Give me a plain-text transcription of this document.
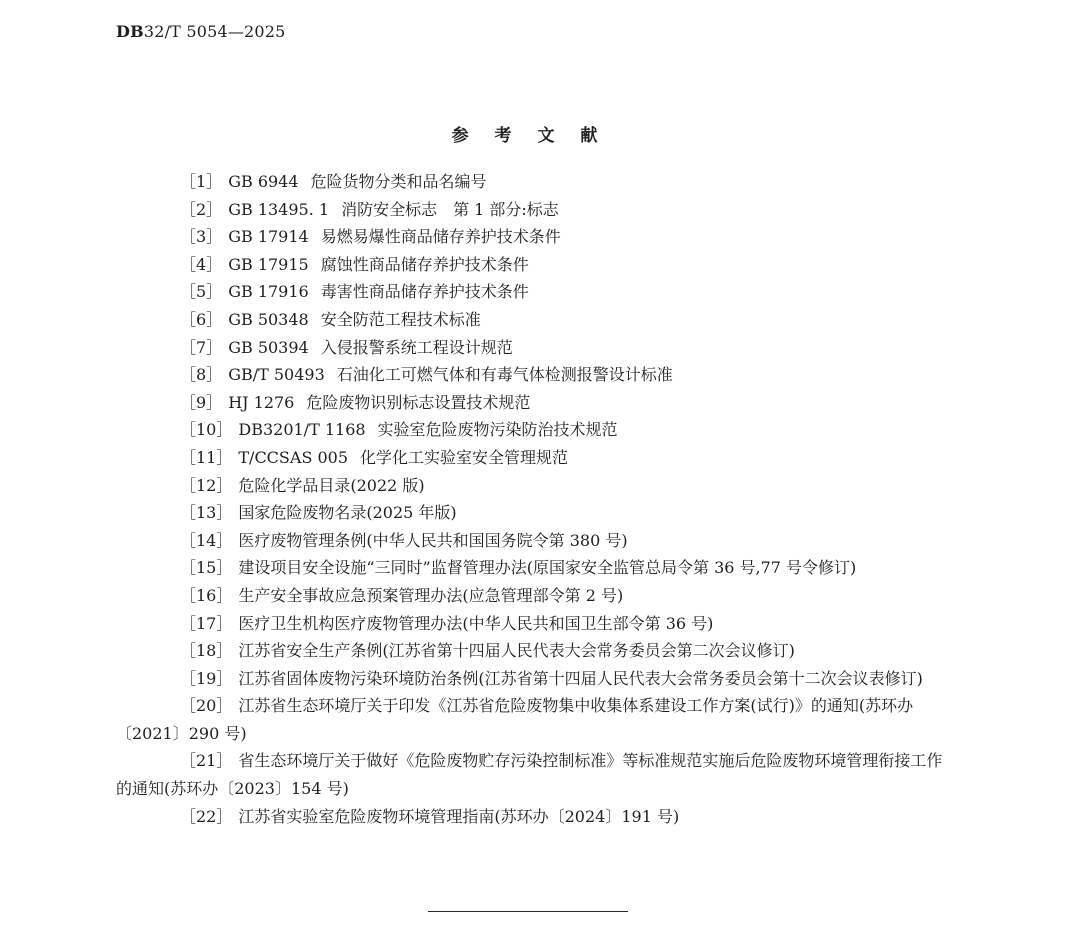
DB32/T 5054—2025
参 考 文 献

［1］ GB 6944 危险货物分类和品名编号

［2］ GB 13495. 1 消防安全标志　第 1 部分:标志

［3］ GB 17914 易燃易爆性商品储存养护技术条件

［4］ GB 17915 腐蚀性商品储存养护技术条件

［5］ GB 17916 毒害性商品储存养护技术条件

［6］ GB 50348 安全防范工程技术标准

［7］ GB 50394 入侵报警系统工程设计规范

［8］ GB/T 50493 石油化工可燃气体和有毒气体检测报警设计标准

［9］ HJ 1276 危险废物识别标志设置技术规范

［10］ DB3201/T 1168 实验室危险废物污染防治技术规范

［11］ T/CCSAS 005 化学化工实验室安全管理规范

［12］ 危险化学品目录(2022 版)

［13］ 国家危险废物名录(2025 年版)

［14］ 医疗废物管理条例(中华人民共和国国务院令第 380 号)

［15］ 建设项目安全设施“三同时”监督管理办法(原国家安全监管总局令第 36 号,77 号令修订)

［16］ 生产安全事故应急预案管理办法(应急管理部令第 2 号)

［17］ 医疗卫生机构医疗废物管理办法(中华人民共和国卫生部令第 36 号)

［18］ 江苏省安全生产条例(江苏省第十四届人民代表大会常务委员会第二次会议修订)

［19］ 江苏省固体废物污染环境防治条例(江苏省第十四届人民代表大会常务委员会第十二次会议表修订)

［20］ 江苏省生态环境厅关于印发《江苏省危险废物集中收集体系建设工作方案(试行)》的通知(苏环办〔2021〕290 号)

［21］ 省生态环境厅关于做好《危险废物贮存污染控制标准》等标准规范实施后危险废物环境管理衔接工作的通知(苏环办〔2023〕154 号)

［22］ 江苏省实验室危险废物环境管理指南(苏环办〔2024〕191 号)
